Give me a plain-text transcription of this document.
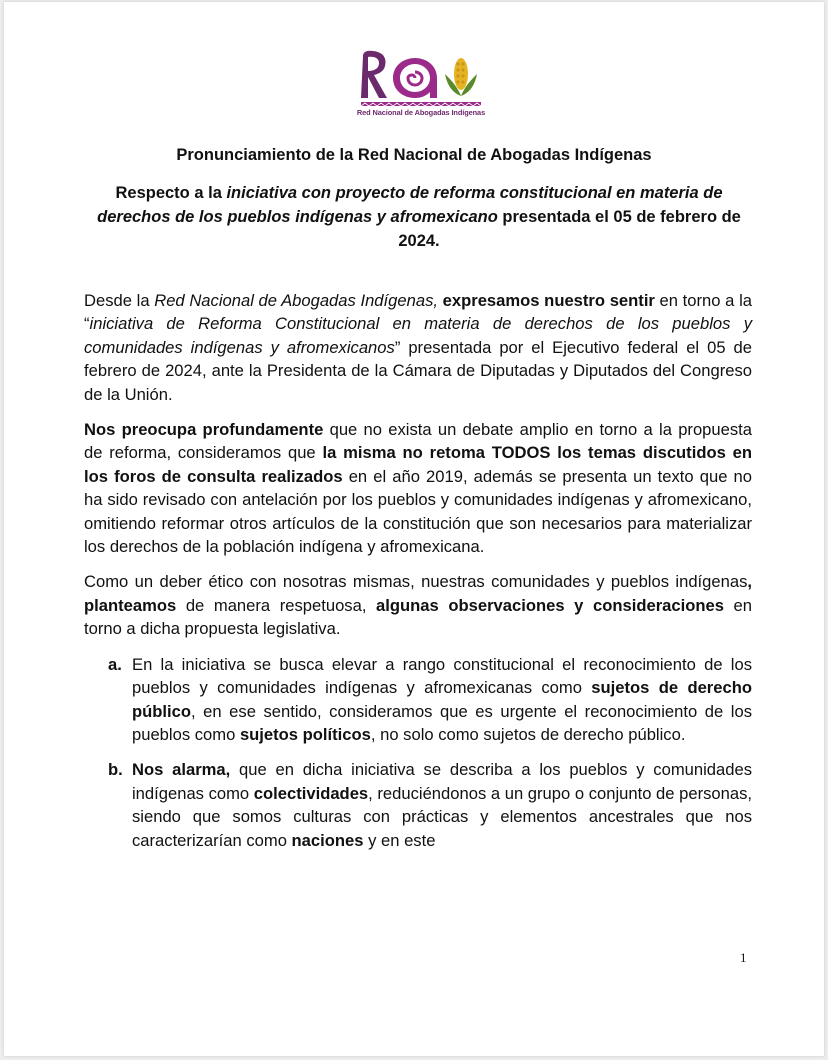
Red Nacional de Abogadas Indígenas
Pronunciamiento de la Red Nacional de Abogadas Indígenas
Respecto a la iniciativa con proyecto de reforma constitucional en materia de derechos de los pueblos indígenas y afromexicano presentada el 05 de febrero de 2024.

Desde la Red Nacional de Abogadas Indígenas, expresamos nuestro sentir en torno a la “iniciativa de Reforma Constitucional en materia de derechos de los pueblos y comunidades indígenas y afromexicanos” presentada por el Ejecutivo federal el 05 de febrero de 2024, ante la Presidenta de la Cámara de Diputadas y Diputados del Congreso de la Unión.

Nos preocupa profundamente que no exista un debate amplio en torno a la propuesta de reforma, consideramos que la misma no retoma TODOS los temas discutidos en los foros de consulta realizados en el año 2019, además se presenta un texto que no ha sido revisado con antelación por los pueblos y comunidades indígenas y afromexicano, omitiendo reformar otros artículos de la constitución que son necesarios para materializar los derechos de la población indígena y afromexicana.

Como un deber ético con nosotras mismas, nuestras comunidades y pueblos indígenas, planteamos de manera respetuosa, algunas observaciones y consideraciones en torno a dicha propuesta legislativa.

a. En la iniciativa se busca elevar a rango constitucional el reconocimiento de los pueblos y comunidades indígenas y afromexicanas como sujetos de derecho público, en ese sentido, consideramos que es urgente el reconocimiento de los pueblos como sujetos políticos, no solo como sujetos de derecho público.
b. Nos alarma, que en dicha iniciativa se describa a los pueblos y comunidades indígenas como colectividades, reduciéndonos a un grupo o conjunto de personas, siendo que somos culturas con prácticas y elementos ancestrales que nos caracterizarían como naciones y en este
1
